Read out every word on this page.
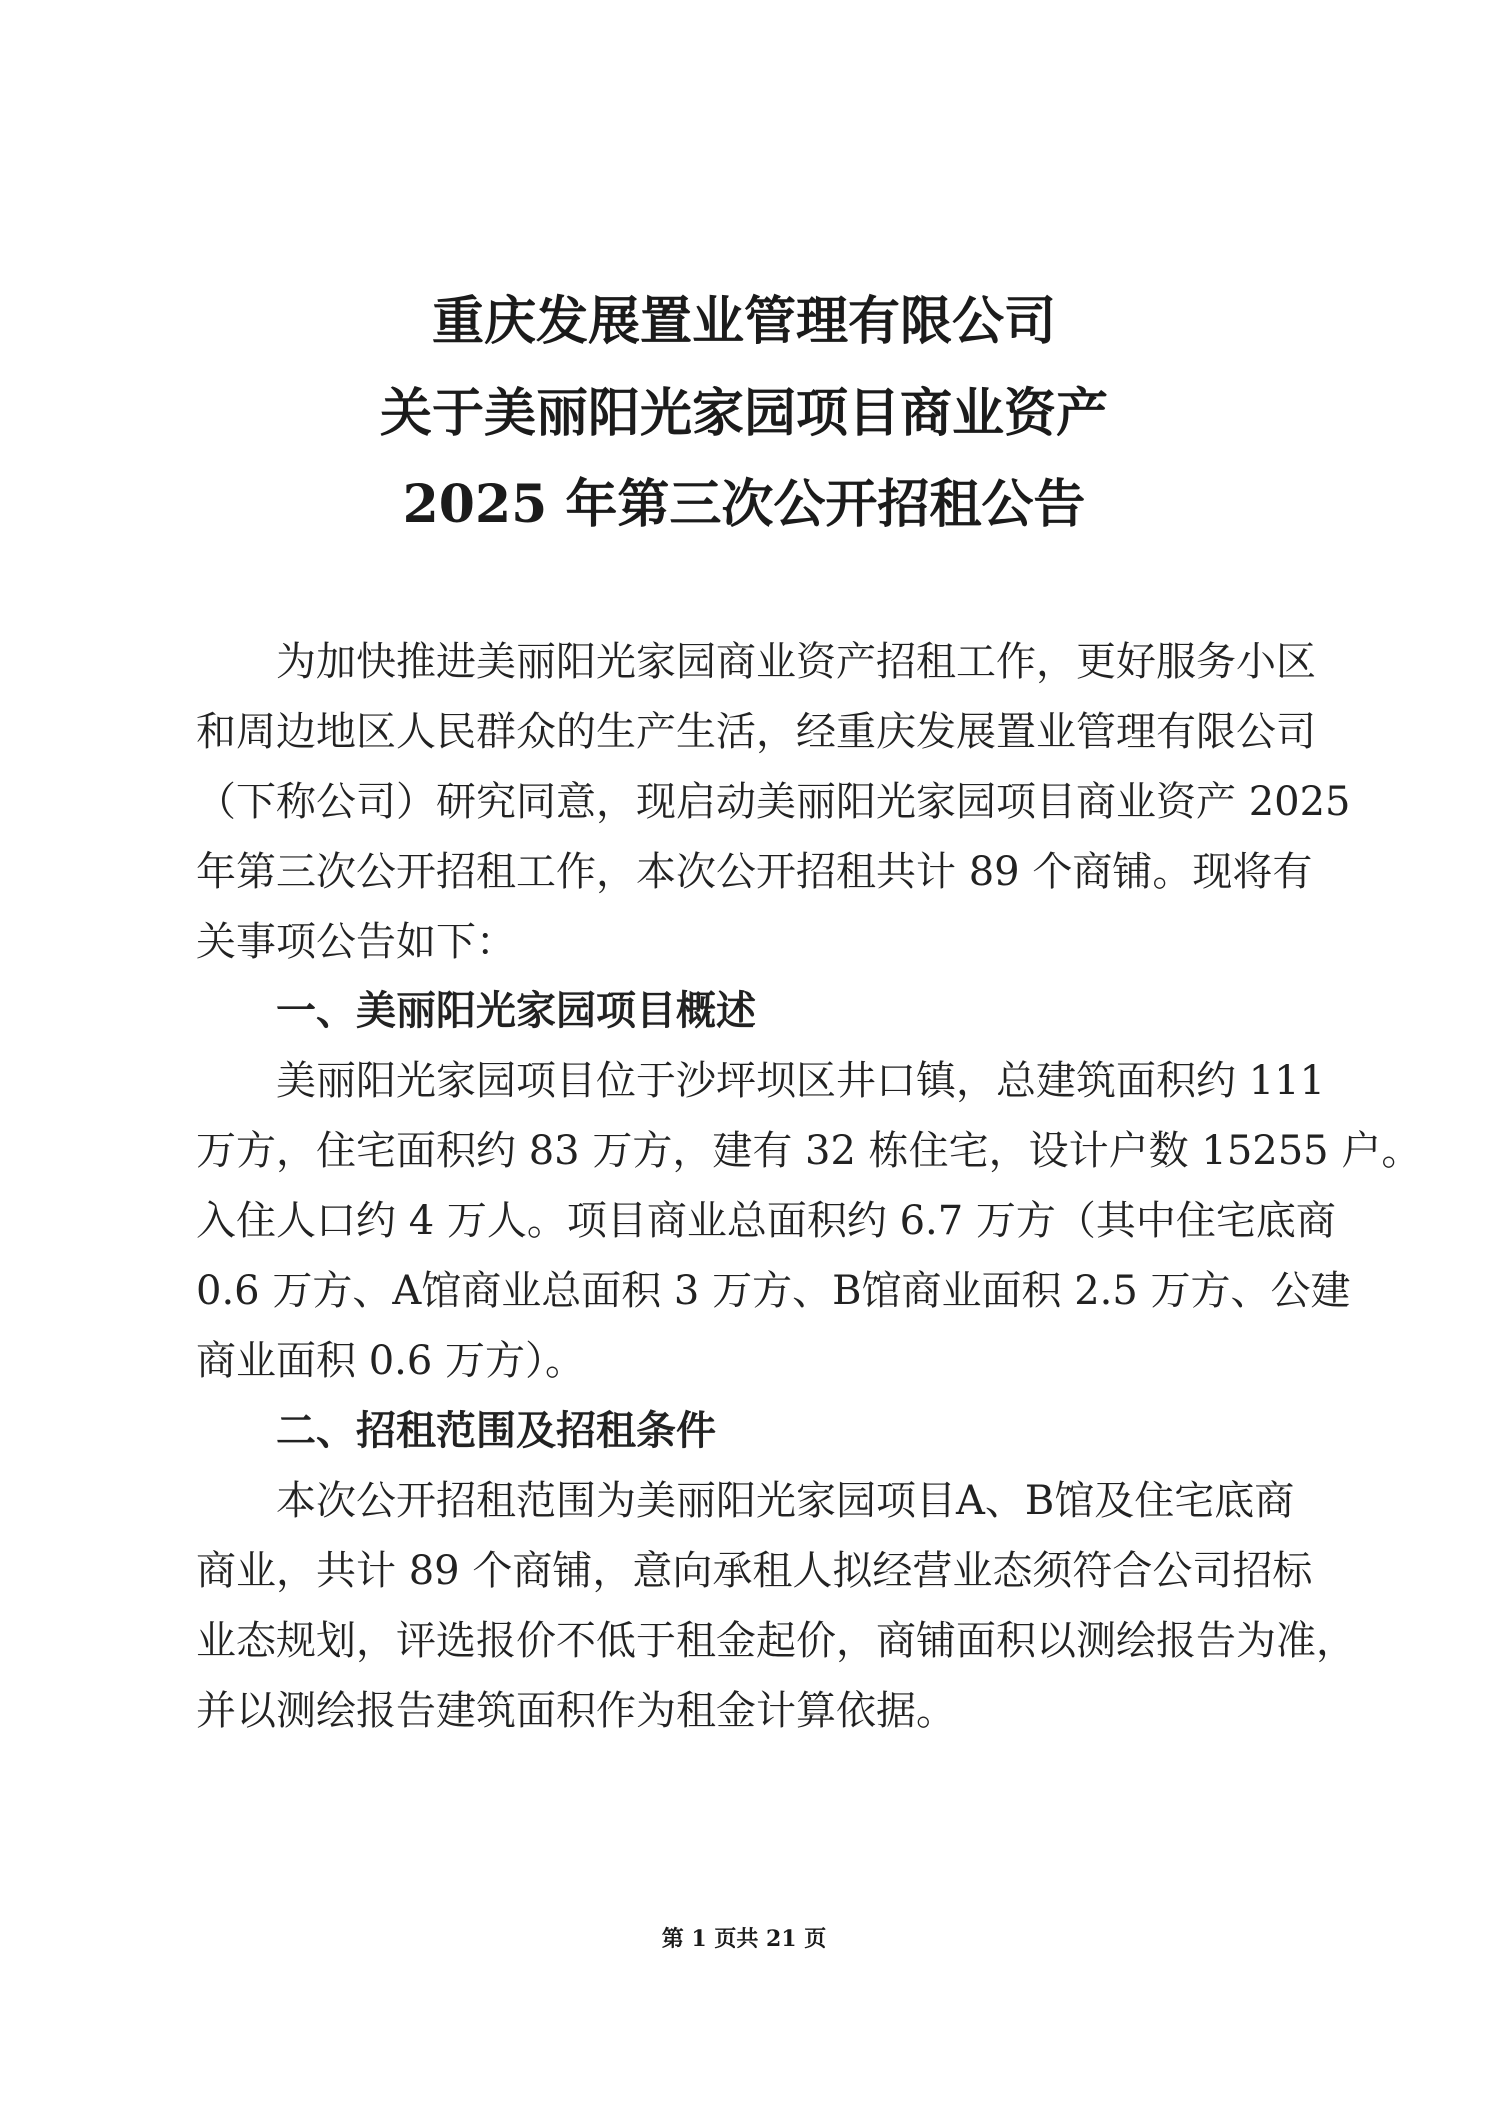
重庆发展置业管理有限公司
关于美丽阳光家园项目商业资产
2025 年第三次公开招租公告
为加快推进美丽阳光家园商业资产招租工作，更好服务小区
和周边地区人民群众的生产生活，经重庆发展置业管理有限公司
（下称公司）研究同意，现启动美丽阳光家园项目商业资产 2025
年第三次公开招租工作，本次公开招租共计 89 个商铺。现将有
关事项公告如下：
一、美丽阳光家园项目概述
美丽阳光家园项目位于沙坪坝区井口镇，总建筑面积约 111
万方，住宅面积约 83 万方，建有 32 栋住宅，设计户数 15255 户。
入住人口约 4 万人。项目商业总面积约 6.7 万方（其中住宅底商
0.6 万方、A馆商业总面积 3 万方、B馆商业面积 2.5 万方、公建
商业面积 0.6 万方）。
二、招租范围及招租条件
本次公开招租范围为美丽阳光家园项目A、B馆及住宅底商
商业，共计 89 个商铺，意向承租人拟经营业态须符合公司招标
业态规划，评选报价不低于租金起价，商铺面积以测绘报告为准，
并以测绘报告建筑面积作为租金计算依据。
第 1 页共 21 页
